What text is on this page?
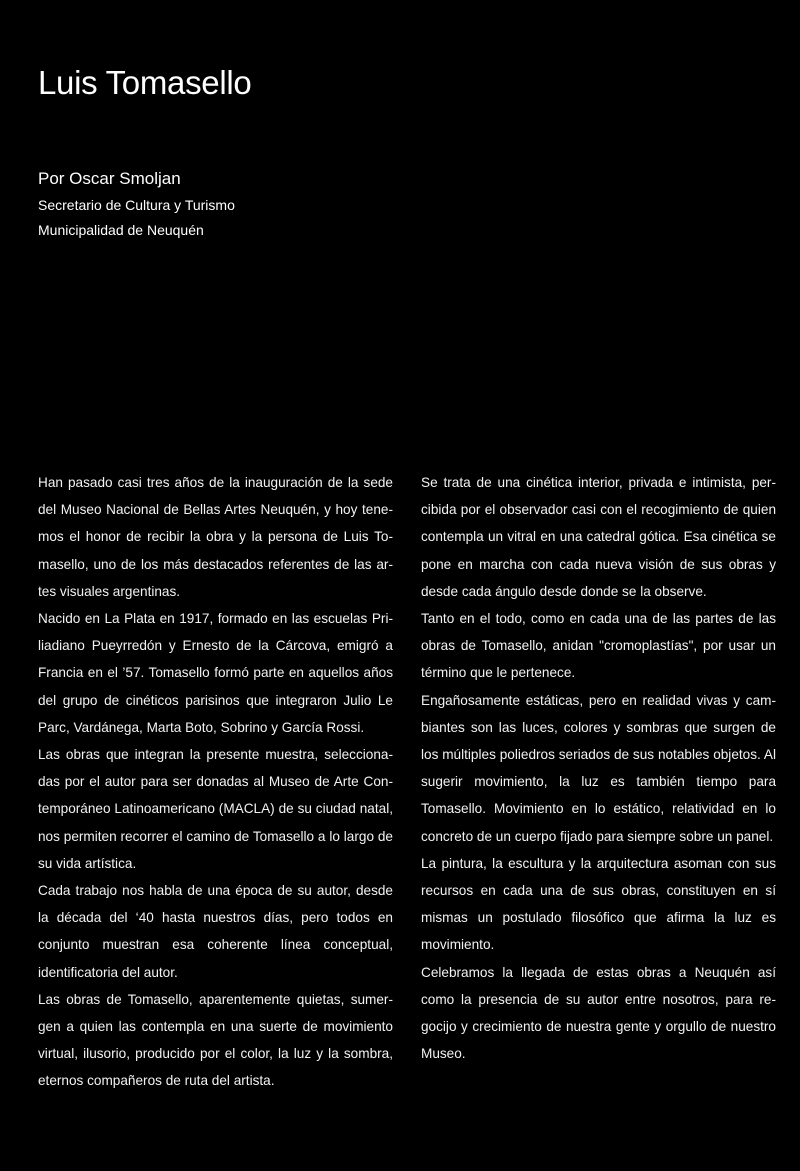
Luis Tomasello
Por Oscar Smoljan
Secretario de Cultura y Turismo
Municipalidad de Neuquén

Han pasado casi tres años de la inauguración de la sede del Museo Nacional de Bellas Artes Neuquén, y hoy tenemos el honor de recibir la obra y la persona de Luis Tomasello, uno de los más destacados referentes de las artes visuales argentinas.

Nacido en La Plata en 1917, formado en las escuelas Priliadiano Pueyrredón y Ernesto de la Cárcova, emigró a Francia en el ’57. Tomasello formó parte en aquellos años del grupo de cinéticos parisinos que integraron Julio Le Parc, Vardánega, Marta Boto, Sobrino y García Rossi.

Las obras que integran la presente muestra, seleccionadas por el autor para ser donadas al Museo de Arte Contemporáneo Latinoamericano (MACLA) de su ciudad natal, nos permiten recorrer el camino de Tomasello a lo largo de su vida artística.

Cada trabajo nos habla de una época de su autor, desde la década del ‘40 hasta nuestros días, pero todos en conjunto muestran esa coherente línea conceptual, identificatoria del autor.

Las obras de Tomasello, aparentemente quietas, sumergen a quien las contempla en una suerte de movimiento virtual, ilusorio, producido por el color, la luz y la sombra, eternos compañeros de ruta del artista.

Se trata de una cinética interior, privada e intimista, percibida por el observador casi con el recogimiento de quien contempla un vitral en una catedral gótica. Esa cinética se pone en marcha con cada nueva visión de sus obras y desde cada ángulo desde donde se la observe.

Tanto en el todo, como en cada una de las partes de las obras de Tomasello, anidan "cromoplastías", por usar un término que le pertenece.

Engañosamente estáticas, pero en realidad vivas y cambiantes son las luces, colores y sombras que surgen de los múltiples poliedros seriados de sus notables objetos. Al sugerir movimiento, la luz es también tiempo para Tomasello. Movimiento en lo estático, relatividad en lo concreto de un cuerpo fijado para siempre sobre un panel.

La pintura, la escultura y la arquitectura asoman con sus recursos en cada una de sus obras, constituyen en sí mismas un postulado filosófico que afirma la luz es movimiento.

Celebramos la llegada de estas obras a Neuquén así como la presencia de su autor entre nosotros, para regocijo y crecimiento de nuestra gente y orgullo de nuestro Museo.
